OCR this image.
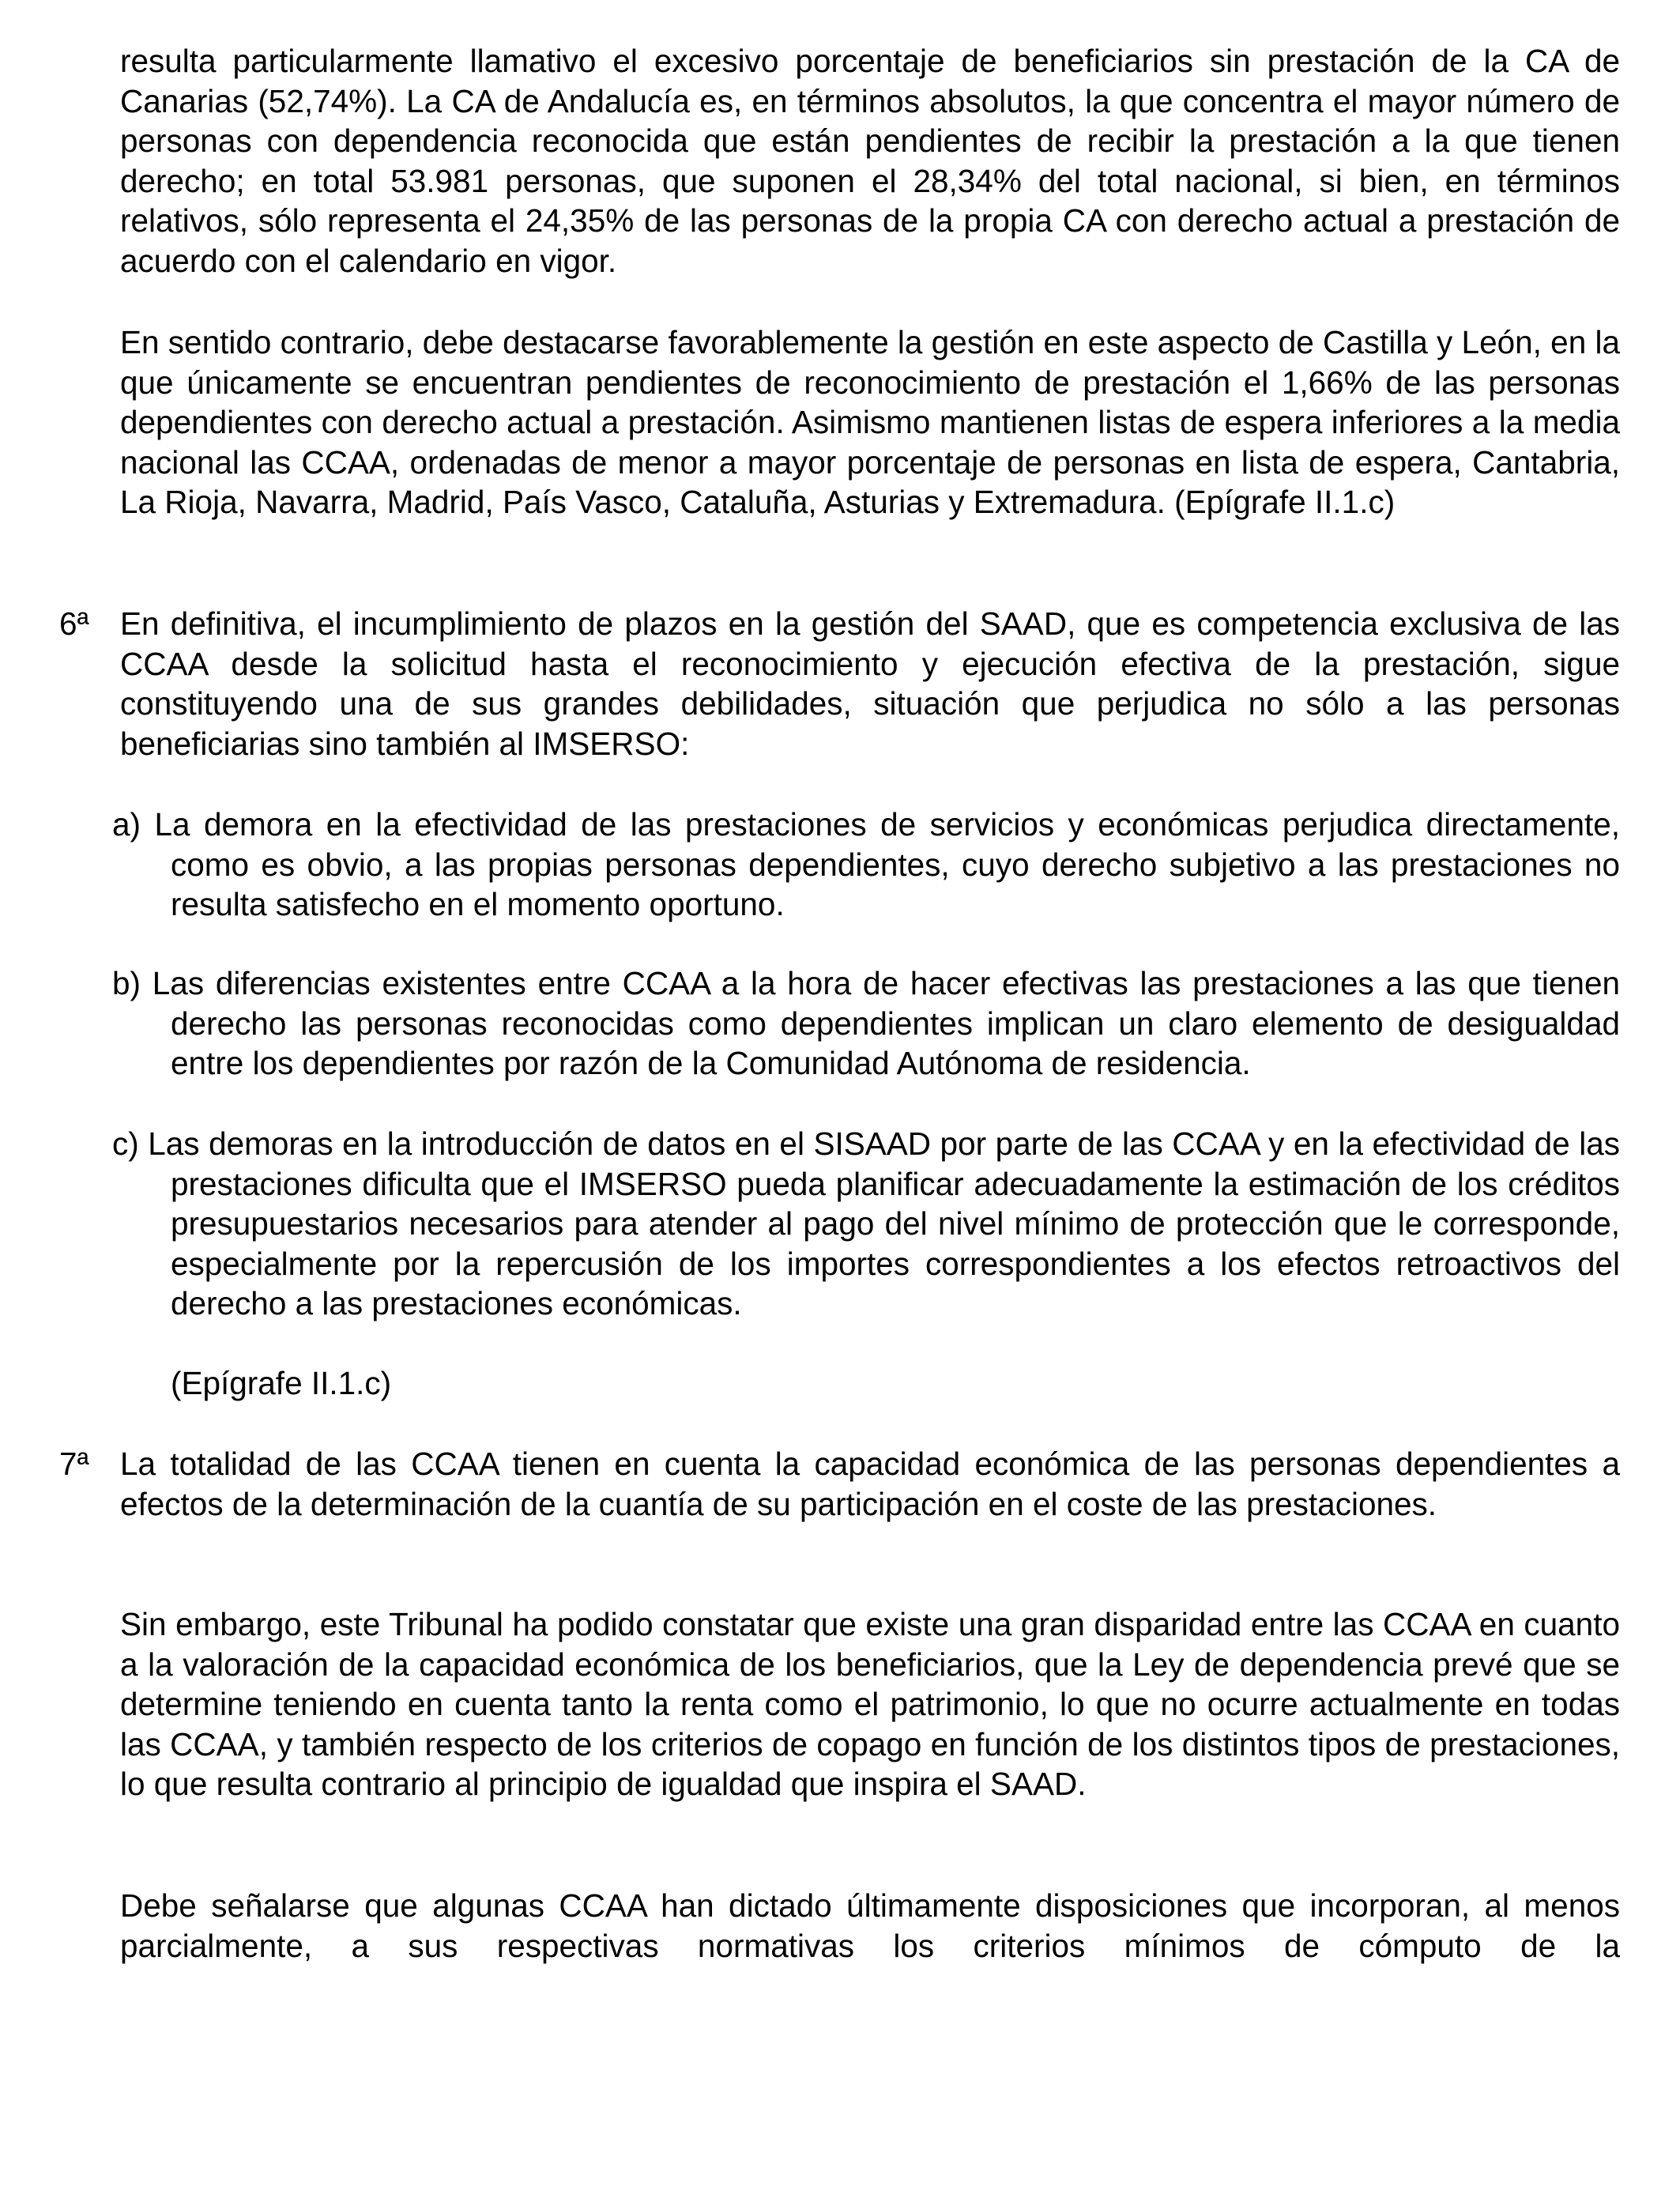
resulta particularmente llamativo el excesivo porcentaje de beneficiarios sin prestación de la CA de Canarias (52,74%). La CA de Andalucía es, en términos absolutos, la que concentra el mayor número de personas con dependencia reconocida que están pendientes de recibir la prestación a la que tienen derecho; en total 53.981 personas, que suponen el 28,34% del total nacional, si bien, en términos relativos, sólo representa el 24,35% de las personas de la propia CA con derecho actual a prestación de acuerdo con el calendario en vigor.

En sentido contrario, debe destacarse favorablemente la gestión en este aspecto de Castilla y León, en la que únicamente se encuentran pendientes de reconocimiento de prestación el 1,66% de las personas dependientes con derecho actual a prestación. Asimismo mantienen listas de espera inferiores a la media nacional las CCAA, ordenadas de menor a mayor porcentaje de personas en lista de espera, Cantabria, La Rioja, Navarra, Madrid, País Vasco, Cataluña, Asturias y Extremadura. (Epígrafe II.1.c)

6ª En definitiva, el incumplimiento de plazos en la gestión del SAAD, que es competencia exclusiva de las CCAA desde la solicitud hasta el reconocimiento y ejecución efectiva de la prestación, sigue constituyendo una de sus grandes debilidades, situación que perjudica no sólo a las personas beneficiarias sino también al IMSERSO:

a) La demora en la efectividad de las prestaciones de servicios y económicas perjudica directamente, como es obvio, a las propias personas dependientes, cuyo derecho subjetivo a las prestaciones no resulta satisfecho en el momento oportuno.

b) Las diferencias existentes entre CCAA a la hora de hacer efectivas las prestaciones a las que tienen derecho las personas reconocidas como dependientes implican un claro elemento de desigualdad entre los dependientes por razón de la Comunidad Autónoma de residencia.

c) Las demoras en la introducción de datos en el SISAAD por parte de las CCAA y en la efectividad de las prestaciones dificulta que el IMSERSO pueda planificar adecuadamente la estimación de los créditos presupuestarios necesarios para atender al pago del nivel mínimo de protección que le corresponde, especialmente por la repercusión de los importes correspondientes a los efectos retroactivos del derecho a las prestaciones económicas.

(Epígrafe II.1.c)

7ª La totalidad de las CCAA tienen en cuenta la capacidad económica de las personas dependientes a efectos de la determinación de la cuantía de su participación en el coste de las prestaciones.

Sin embargo, este Tribunal ha podido constatar que existe una gran disparidad entre las CCAA en cuanto a la valoración de la capacidad económica de los beneficiarios, que la Ley de dependencia prevé que se determine teniendo en cuenta tanto la renta como el patrimonio, lo que no ocurre actualmente en todas las CCAA, y también respecto de los criterios de copago en función de los distintos tipos de prestaciones, lo que resulta contrario al principio de igualdad que inspira el SAAD.

Debe señalarse que algunas CCAA han dictado últimamente disposiciones que incorporan, al menos parcialmente, a sus respectivas normativas los criterios mínimos de cómputo de la
